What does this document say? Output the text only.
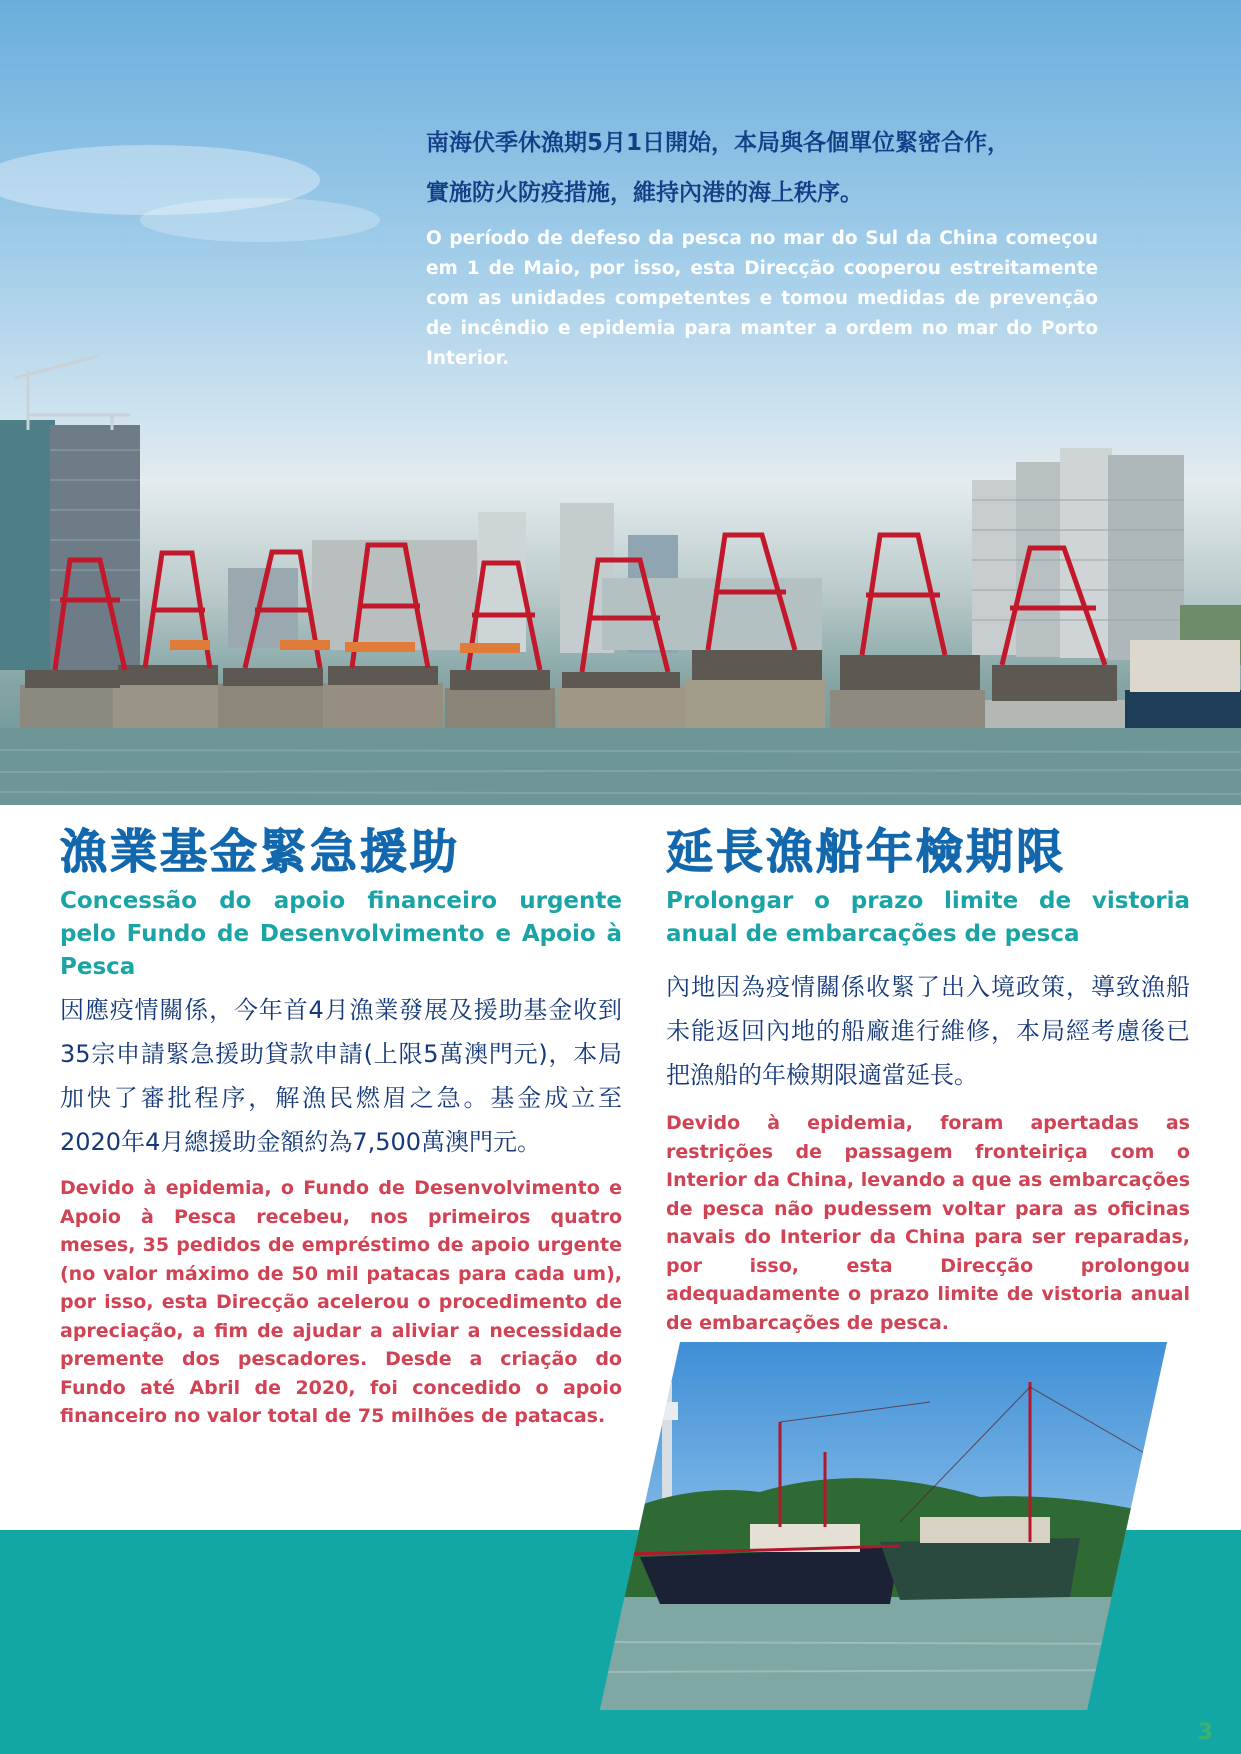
南海伏季休漁期5月1日開始，本局與各個單位緊密合作，

實施防火防疫措施，維持內港的海上秩序。

O período de defeso da pesca no mar do Sul da China começou em 1 de Maio, por isso, esta Direcção cooperou estreitamente com as unidades competentes e tomou medidas de prevenção de incêndio e epidemia para manter a ordem no mar do Porto Interior.

漁業基金緊急援助
Concessão do apoio financeiro urgente pelo Fundo de Desenvolvimento e Apoio à Pesca

因應疫情關係，今年首4月漁業發展及援助基金收到35宗申請緊急援助貸款申請(上限5萬澳門元)，本局加快了審批程序，解漁民燃眉之急。基金成立至2020年4月總援助金額約為7,500萬澳門元。

Devido à epidemia, o Fundo de Desenvolvimento e Apoio à Pesca recebeu, nos primeiros quatro meses, 35 pedidos de empréstimo de apoio urgente (no valor máximo de 50 mil patacas para cada um), por isso, esta Direcção acelerou o procedimento de apreciação, a fim de ajudar a aliviar a necessidade premente dos pescadores. Desde a criação do Fundo até Abril de 2020, foi concedido o apoio financeiro no valor total de 75 milhões de patacas.

延長漁船年檢期限
Prolongar o prazo limite de vistoria anual de embarcações de pesca

內地因為疫情關係收緊了出入境政策，導致漁船未能返回內地的船廠進行維修，本局經考慮後已把漁船的年檢期限適當延長。

Devido à epidemia, foram apertadas as restrições de passagem fronteiriça com o Interior da China, levando a que as embarcações de pesca não pudessem voltar para as oficinas navais do Interior da China para ser reparadas, por isso, esta Direcção prolongou adequadamente o prazo limite de vistoria anual de embarcações de pesca.

3
